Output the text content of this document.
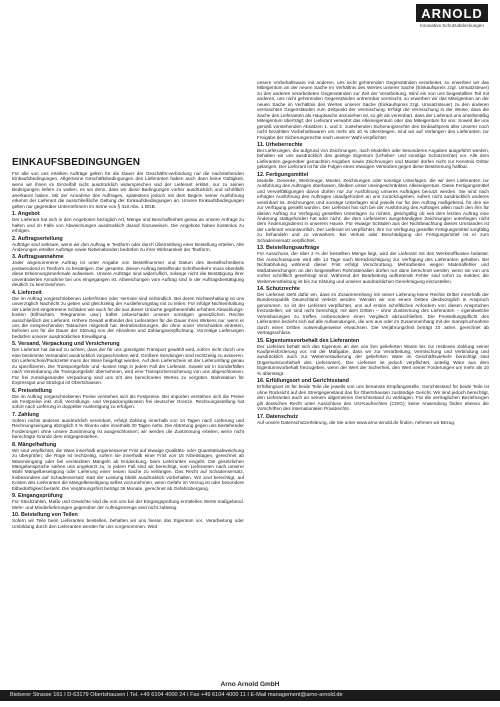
ARNOLD
Innovative Schutzabdeckungen
EINKAUFSBEDINGUNGEN

Für alle von uns erteilten Aufträge gelten für die Dauer der Geschäfts-verbindung nur die nachstehenden Einkaufsbedingungen. Allgemeine Geschäftsbedingungen des Lieferanten haben auch dann keine Gültigkeit, wenn wir ihnen im Einzelfall nicht ausdrücklich widersprechen und der Lieferant erklärt, nur zu seinen Bedingungen liefern zu wollen, es sei denn, dass wir diese Bedingungen vorher ausdrücklich und schriftlich anerkannt haben. Mit der Annahme des Auftrages, spätestens jedoch mit dem Beginn seiner Ausführung erkennt der Lieferant die ausschließliche Geltung der Einkaufsbedingungen an. Unsere Einkaufsbedingungen gelten nur gegenüber Unternehmern im Sinne von § 310 Abs. 1 BGB.

1. Angebot

Der Lieferant hat sich in den Angeboten bezüglich Art, Menge und Beschaffenheit genau an unsere Anfrage zu halten und im Falle von Abweichungen ausdrücklich darauf hinzuweisen. Die Angebote haben kostenlos zu erfolgen.

2. Auftragserteilung

Aufträge sind wirksam, wenn wir den Auftrag in Textform oder durch Übermittlung einer Bestellung erteilen. Alle Änderungen erteilter Aufträge sowie Nebenabreden bedürfen zu ihrer Wirksamkeit der Textform.

3. Auftragsannahme

Jeder angenommene Auftrag ist unter Angabe von Bestellnummer und Datum des Bestellschreibens postwendend in Textform zu bestätigen. Der gesamte, diesen Auftrag betreffende Schriftverkehr muss ebenfalls diese Erkennungsmerkmale aufweisen. Unsere Aufträge sind widerruflich, solange nicht die Bestätigung ihrer unveränderten Annahme bei uns eingegangen ist. Abweichungen vom Auftrag sind in der Auftragsbestätigung deutlich zu kennzeichnen.

4. Lieferzeit

Die im Auftrag vorgeschriebenen Lieferfristen oder -termine sind verbindlich. Bei deren Nichteinhaltung ist uns unverzüglich Nachricht zu geben und gleichzeitig der Auslieferungstag mit zu teilen. Für infolge Nichteinhaltung der Lieferzeit eingetretene Schäden wie auch für die aus dieser Ursache gegebenenfalls erhöhten Abwicklungs-kosten (Eilfrachten, Telegramme usw.) haftet unbeschadet unserer sonstigen gesetzlichen Rechte ausschließlich der Lieferant. Höhere Gewalt entbindet den Lieferanten für die Dauer ihres Wirkens nur, wenn er uns die entsprechenden Tatsachen mitgeteilt hat. Betriebsstörungen, die ohne unser Verschulden eintreten, befreien uns für die Dauer der Störung von der Abnahme und Zahlungsverpflichtung. Vorzeitige Lieferungen bedürfen unserer ausdrücklichen Einwilligung.

5. Versand, Verpackung und Versicherung

Der Lieferant hat darauf zu achten, dass der für uns günstigste Transport gewählt wird, sofern nicht durch uns eine bestimmte Versandart ausdrücklich vorgeschrieben wird. Größere Sendungen sind rechtzeitig zu avisieren. Ein Lieferschein/Packzettel muss der Ware beigefügt werden. Auf dem Lieferschein ist der Lieferumfang genau zu spezifizieren. Die Transportgefahr und -kosten trägt in jedem Fall der Lieferant. Soweit wir in Sonderfällen nach Vereinbarung die Transportgefahr übernehmen, wird eine Transportversicherung von uns abgeschlossen. Für frei zurückgesandte Verpackung sind uns 2/3 des berechneten Wertes zu vergüten. Bahnstation für Expressgut und Stückgut ist Obertshausen.

6. Preisstellung

Die im Auftrag vorgeschriebenen Preise verstehen sich als Festpreise. Bei Importen verstehen sich die Preise als Festpreise inkl. Zoll, Verzollungs- und Verpackungskosten frei deutscher Grenze. Rechnungsstellung hat sofort nach Lieferung in doppelter Ausfertigung zu erfolgen.

7. Zahlung

Sofern nichts anderes ausdrücklich vereinbart, erfolgt Zahlung innerhalb von 14 Tagen nach Lieferung und Rechnungseingang abzüglich 3 % Skonto oder innerhalb 30 Tagen netto. Die Abtretung gegen uns bestehender Forderungen ohne unsere Zustimmung ist ausgeschlossen; wir werden die Zustimmung erteilen, wenn nicht berechtigte Gründe dem entgegenstehen.

8. Mängelhaftung

Wir sind verpflichtet, die Ware innerhalb angemessener Frist auf etwaige Qualitäts- oder Quantitätsabweichung zu überprüfen; die Rüge ist rechtzeitig, sofern sie innerhalb einer Frist von 15 Arbeitstagen, gerechnet ab Wareneingang oder bei versteckten Mängeln ab Entdeckung, beim Lieferanten eingeht. Die gesetzlichen Mängelansprüche stehen uns ungekürzt zu; in jedem Fall sind wir berechtigt, vom Lieferanten nach unserer Wahl Mängelbeseitigung oder Lieferung einer neuen Sache zu verlangen. Das Recht auf Schadensersatz, insbesondere auf Schadensersatz statt der Leistung bleibt ausdrücklich vorbehalten. Wir sind berechtigt, auf Kosten des Lieferanten die Mängelbeseitigung selbst vorzunehmen, wenn Gefahr im Verzug ist oder besondere Eilbedürftigkeit besteht. Die Verjährungsfrist beträgt 36 Monate, gerechnet ab Gefahrübergang.

9. Eingangsprüfung

Für Stückzahlen, Maße und Gewichte sind die von uns bei der Eingangsprüfung ermittelten Werte maßgebend. Mehr- und Minderlieferungen gegenüber der Auftragsmenge sind nicht zulässig.

10. Beistellung von Teilen

Sofern wir Teile beim Lieferanten beistellen, behalten wir uns hieran das Eigentum vor. Verarbeitung oder Umbildung durch den Lieferanten werden für uns vorgenommen. Wird

unsere Vorbehaltsware mit anderen, uns nicht gehörenden Gegenständen verarbeitet, so erwerben wir das Miteigentum an der neuen Sache im Verhältnis des Wertes unserer Sache (Einkaufspreis zzgl. Umsatzsteuer) zu den anderen verarbeiteten Gegenständen zur Zeit der Verarbeitung. Wird ein von uns beigestelltes Teil mit anderen, uns nicht gehörenden Gegenständen untrennbar vermischt, so erwerben wir das Miteigentum an der neuen Sache im Verhältnis des Wertes unserer Sache (Einkaufspreis zzgl. Umsatzsteuer) zu den anderen vermischten Gegenständen zum Zeitpunkt der Vermischung. Erfolgt die Vermischung in der Weise, dass die Sache des Lieferanten als Hauptsache anzusehen ist, so gilt als vereinbart, dass der Lieferant uns anteilsmäßig Miteigentum überträgt; der Lieferant verwahrt das Alleineigentum oder das Miteigentum für uns. Soweit die uns gemäß vorstehenden Absätzen 1. und 2. zustehenden Sicherungsrechte den Einkaufspreis aller unserer noch nicht bezahlten Vorbehaltswaren um mehr als 10 % übersteigen, sind wir auf Verlangen des Lieferanten zur Freigabe der Sicherungsrechte nach unserer Wahl verpflichtet.

11. Urheberrechte

Bei Lieferungen, die aufgrund von Zeichnungen, nach Modellen oder besonderen Angaben ausgeführt werden, behalten wir uns ausdrücklich das geistige Eigentum (Urheber- und sonstige Schutzrechte) vor. Alle dem Lieferanten gegenüber gemachten Angaben sowie Zeichnungen und Muster dürfen nicht zur Kenntnis Dritter gelangen. Der Lieferant ist für die Folgen eines etwaigen Verstoßes gegen diese Bestimmung haftbar.

12. Fertigungsmittel

Modelle, Gesenke, Werkzeuge, Muster, Zeichnungen oder sonstige Unterlagen, die wir dem Lieferanten zur Ausführung des Auftrages überlassen, bleiben unser uneingeschränktes Alleineigentum. Diese Fertigungsmittel und Vervielfältigungen davon dürfen nur zur Ausführung unseres Auftrages benutzt werden. Sie sind nach erfolgter Ausführung des Auftrages unaufgefordert an uns zurückzugeben, sofern nicht ausdrücklich anderes vereinbart ist. Zeichnungen und sonstige Unterlagen sind jeweils nur für den Auftrag maßgebend, für den sie zur Verfügung gestellt wurden. Der Lieferant hat sich bei der Ausführung des Auftrages allein nach den ihm für diesen Auftrag zur Verfügung gestellten Unterlagen zu richten, gleichgültig ob seit dem letzten Auftrag eine Änderung stattgefunden hat oder nicht; die dem Lieferanten ausgehändigten Zeichnungen unterliegen nicht dem Änderungsdienst in unserem Hause. Für etwaige Schäden aus der Nichtbeachtung dieses Umstandes ist der Lieferant verantwortlich. Der Lieferant ist verpflichtet, ihm zur Verfügung gestellte Fertigungsmittel sorgfältig zu behandeln und zu verwahren. Bei Verlust oder Beschädigung der Fertigungsmittel ist er zum Schadensersatz verpflichtet.

13. Beistellungsaufträge

Für Ausschuss, der über 2 % der bestellten Menge liegt, wird der Lieferant mit den Werkstoffkosten belastet. Die Ausschussquote wird alle 14 Tage nach Berücksichtigung zur Verfügung des Lieferanten gehalten. Bei Nichtabholung während dieser Frist erfolgt Verschrottung. Mehrarbeiten wegen Materialfehler und Maßabweichungen an den beigestellten Rohmaterialien dürfen nur dann berechnet werden, wenn sie von uns vorher schriftlich genehmigt sind. Während der Bearbeitung auftretende Fehler sind sofort zu melden; die Weiterverarbeitung ist bis zur Klärung und unserer ausdrücklichen Genehmigung einzustellen.

14. Schutzrechte

Der Lieferant steht dafür ein, dass im Zusammenhang mit seiner Lieferung keine Rechte Dritter innerhalb der Bundesrepublik Deutschland verletzt werden. Werden wir von einem Dritten diesbezüglich in Anspruch genommen, so ist der Lieferant verpflichtet, uns auf erstes schriftliches Anfordern von diesen Ansprüchen freizustellen; wir sind nicht berechtigt, mit dem Dritten – ohne Zustimmung des Lieferanten – irgendwelche Vereinbarungen zu treffen, insbesondere einen Vergleich abzuschließen. Die Freistellungspflicht des Lieferanten bezieht sich auf alle Aufwendungen, die uns aus oder im Zusammenhang mit der Inanspruchnahme durch einen Dritten notwendigerweise erwachsen. Die Verjährungsfrist beträgt 10 Jahre, gerechnet ab Vertragsschluss.

15. Eigentumsvorbehalt des Lieferanten

Der Lieferant behält sich das Eigentum an den von ihm gelieferten Waren bis zur restlosen Zahlung seiner Kaufpreisforderung vor, mit der Maßgabe, dass wir zur Verarbeitung, Vermischung und Verbindung und ausdrücklich auch zur Weiterveräußerung der gelieferten Ware im Geschäftsverkehr berechtigt sind (Eigentumsvorbehalt des Lieferanten). Der Lieferant ist jedoch verpflichtet, anteilig Ware aus dem Eigentumsvorbehalt freizugeben, wenn der Wert der Sicherheit, den Wert seiner Forderungen um mehr als 10 % übersteigt.

16. Erfüllungsort und Gerichtsstand

Erfüllungsort ist für beide Teile die jeweils von uns benannte Empfangsstelle. Gerichtsstand für beide Teile ist ohne Rücksicht auf den Streitgegenstand das für Obertshausen zuständige Gericht. Wir sind jedoch berechtigt, den Lieferanten auch an seinem allgemeinen Gerichtsstand zu verklagen. Für die vertraglichen Beziehungen gilt deutsches Recht unter Ausschluss des UN-Kaufrechtes (CISG); keine Anwendung finden ebenso die Vorschriften des internationalen Privatrechts.

17. Datenschutz

Auf unsere Datenschutzerklärung, die Sie unter www.arno-arnold.de finden, nehmen wir Bezug.

Arno Arnold GmbH
Bieberer Strasse 161 I D-63179 Obertshausen I Tel. +49 6104 4000 24 I Fax +49 6104 4000 11 I E-Mail management@arno-arnold.de
